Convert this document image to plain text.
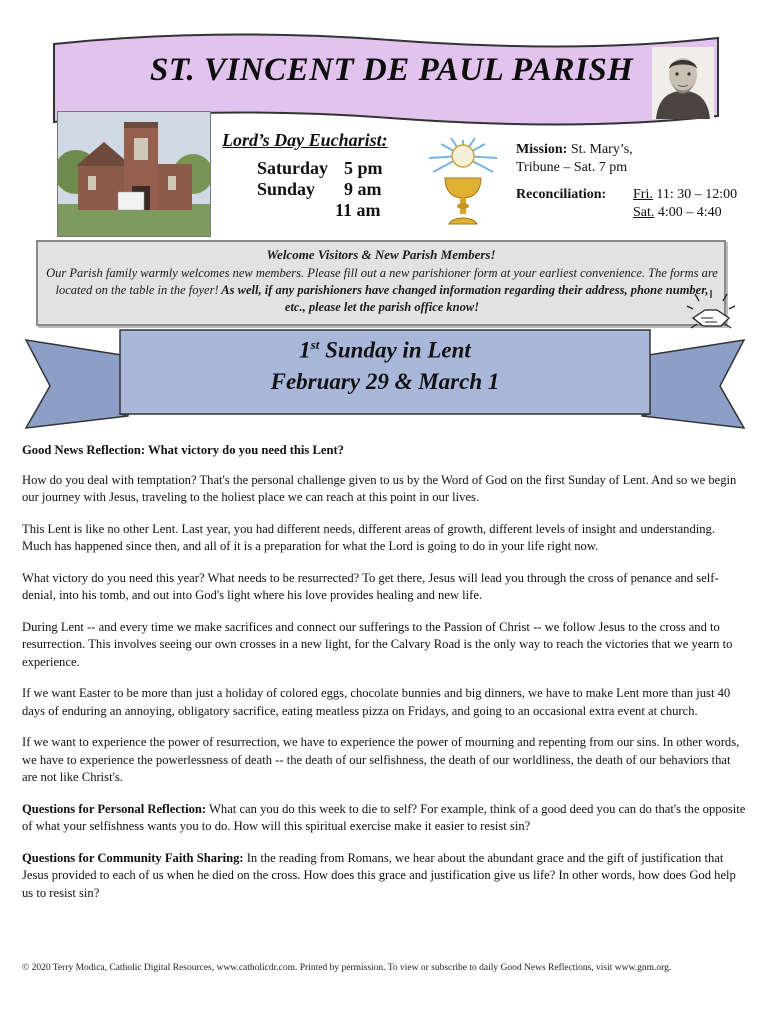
ST. VINCENT DE PAUL PARISH
Lord’s Day Eucharist:
Saturday 5 pm
Sunday 9 am
11 am
Mission: St. Mary’s,
Tribune – Sat. 7 pm
Reconciliation: Fri. 11: 30 – 12:00
Sat. 4:00 – 4:40
Welcome Visitors & New Parish Members!
Our Parish family warmly welcomes new members. Please fill out a new parishioner form at your earliest convenience. The forms are located on the table in the foyer! As well, if any parishioners have changed information regarding their address, phone number, etc., please let the parish office know!
1st Sunday in Lent
February 29 & March 1

Good News Reflection: What victory do you need this Lent?

How do you deal with temptation? That's the personal challenge given to us by the Word of God on the first Sunday of Lent. And so we begin our journey with Jesus, traveling to the holiest place we can reach at this point in our lives.

This Lent is like no other Lent. Last year, you had different needs, different areas of growth, different levels of insight and understanding. Much has happened since then, and all of it is a preparation for what the Lord is going to do in your life right now.

What victory do you need this year? What needs to be resurrected? To get there, Jesus will lead you through the cross of penance and self-denial, into his tomb, and out into God's light where his love provides healing and new life.

During Lent -- and every time we make sacrifices and connect our sufferings to the Passion of Christ -- we follow Jesus to the cross and to resurrection. This involves seeing our own crosses in a new light, for the Calvary Road is the only way to reach the victories that we yearn to experience.

If we want Easter to be more than just a holiday of colored eggs, chocolate bunnies and big dinners, we have to make Lent more than just 40 days of enduring an annoying, obligatory sacrifice, eating meatless pizza on Fridays, and going to an occasional extra event at church.

If we want to experience the power of resurrection, we have to experience the power of mourning and repenting from our sins. In other words, we have to experience the powerlessness of death -- the death of our selfishness, the death of our worldliness, the death of our behaviors that are not like Christ's.

Questions for Personal Reflection: What can you do this week to die to self? For example, think of a good deed you can do that's the opposite of what your selfishness wants you to do. How will this spiritual exercise make it easier to resist sin?

Questions for Community Faith Sharing: In the reading from Romans, we hear about the abundant grace and the gift of justification that Jesus provided to each of us when he died on the cross. How does this grace and justification give us life? In other words, how does God help us to resist sin?

© 2020 Terry Modica, Catholic Digital Resources, www.catholicdr.com. Printed by permission. To view or subscribe to daily Good News Reflections, visit www.gnm.org.
